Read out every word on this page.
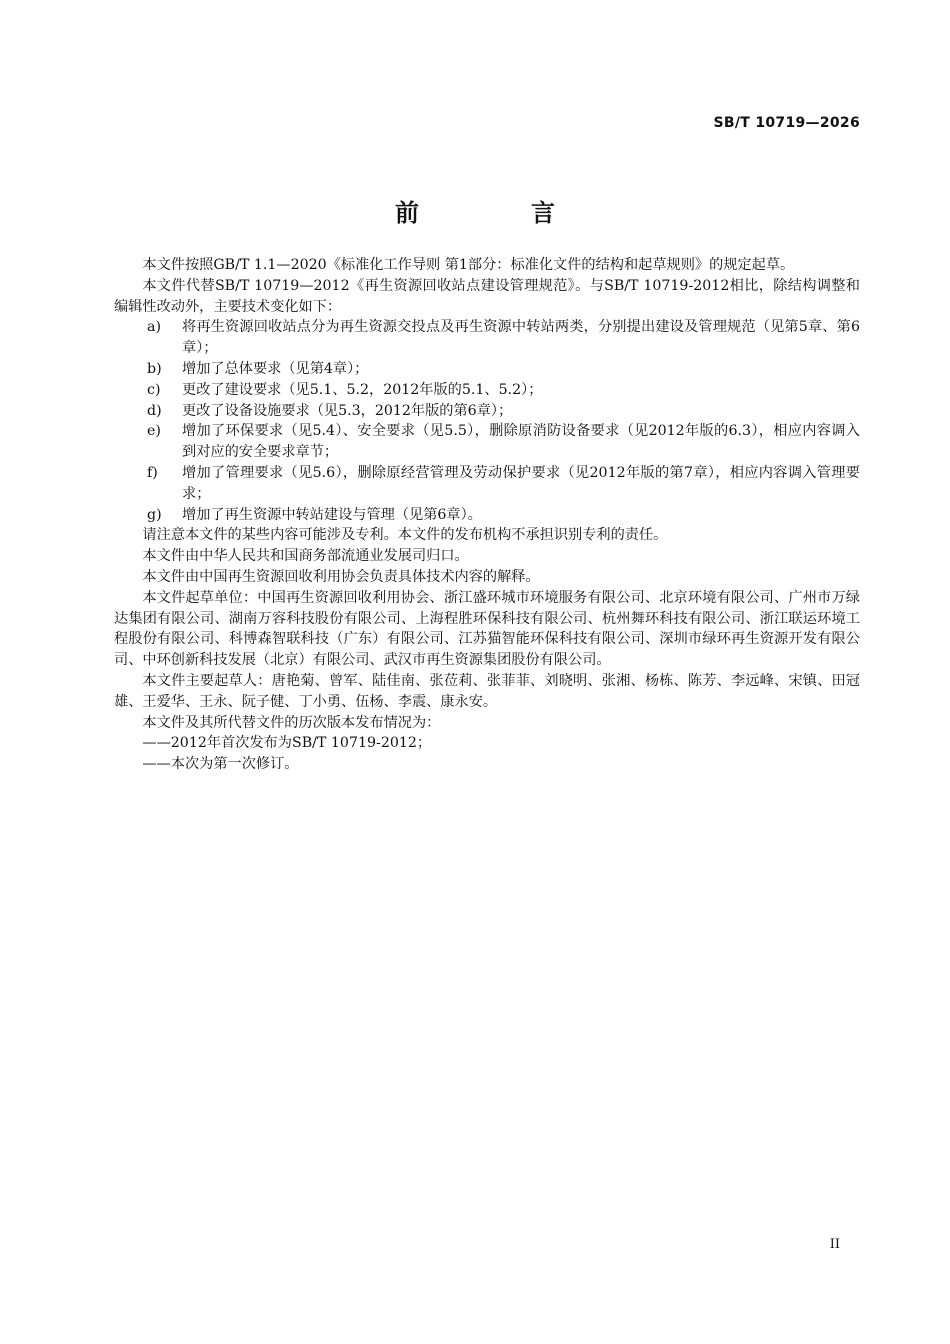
SB/T 10719—2026
前　言

本文件按照GB/T 1.1—2020《标准化工作导则 第1部分：标准化文件的结构和起草规则》的规定起草。

本文件代替SB/T 10719—2012《再生资源回收站点建设管理规范》。与SB/T 10719-2012相比，除结构调整和编辑性改动外，主要技术变化如下：

a) 将再生资源回收站点分为再生资源交投点及再生资源中转站两类，分别提出建设及管理规范（见第5章、第6章）；
b) 增加了总体要求（见第4章）；
c) 更改了建设要求（见5.1、5.2，2012年版的5.1、5.2）；
d) 更改了设备设施要求（见5.3，2012年版的第6章）；
e) 增加了环保要求（见5.4）、安全要求（见5.5），删除原消防设备要求（见2012年版的6.3），相应内容调入到对应的安全要求章节；
f) 增加了管理要求（见5.6），删除原经营管理及劳动保护要求（见2012年版的第7章），相应内容调入管理要求；
g) 增加了再生资源中转站建设与管理（见第6章）。

请注意本文件的某些内容可能涉及专利。本文件的发布机构不承担识别专利的责任。

本文件由中华人民共和国商务部流通业发展司归口。

本文件由中国再生资源回收利用协会负责具体技术内容的解释。

本文件起草单位：中国再生资源回收利用协会、浙江盛环城市环境服务有限公司、北京环境有限公司、广州市万绿达集团有限公司、湖南万容科技股份有限公司、上海程胜环保科技有限公司、杭州舞环科技有限公司、浙江联运环境工程股份有限公司、科博森智联科技（广东）有限公司、江苏猫智能环保科技有限公司、深圳市绿环再生资源开发有限公司、中环创新科技发展（北京）有限公司、武汉市再生资源集团股份有限公司。

本文件主要起草人：唐艳菊、曾军、陆佳南、张莅莉、张菲菲、刘晓明、张湘、杨栋、陈芳、李远峰、宋镇、田冠雄、王爱华、王永、阮子健、丁小勇、伍杨、李震、康永安。

本文件及其所代替文件的历次版本发布情况为：

——2012年首次发布为SB/T 10719-2012；

——本次为第一次修订。

II
